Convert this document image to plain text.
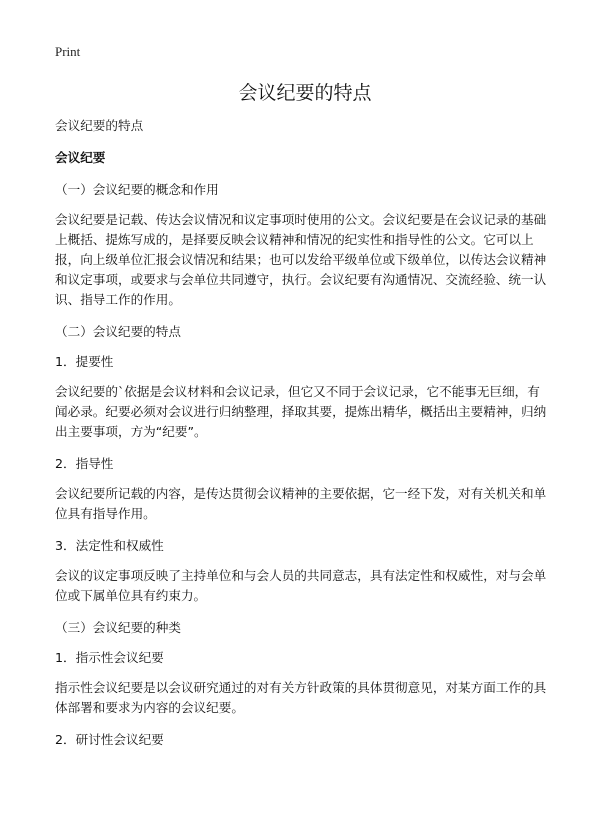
Print
会议纪要的特点

会议纪要的特点

会议纪要

（一）会议纪要的概念和作用

会议纪要是记载、传达会议情况和议定事项时使用的公文。会议纪要是在会议记录的基础上概括、提炼写成的，是择要反映会议精神和情况的纪实性和指导性的公文。它可以上报，向上级单位汇报会议情况和结果；也可以发给平级单位或下级单位，以传达会议精神和议定事项，或要求与会单位共同遵守，执行。会议纪要有沟通情况、交流经验、统一认识、指导工作的作用。

（二）会议纪要的特点

1．提要性

会议纪要的`依据是会议材料和会议记录，但它又不同于会议记录，它不能事无巨细，有闻必录。纪要必须对会议进行归纳整理，择取其要，提炼出精华，概括出主要精神，归纳出主要事项，方为“纪要”。

2．指导性

会议纪要所记载的内容，是传达贯彻会议精神的主要依据，它一经下发，对有关机关和单位具有指导作用。

3．法定性和权威性

会议的议定事项反映了主持单位和与会人员的共同意志，具有法定性和权威性，对与会单位或下属单位具有约束力。

（三）会议纪要的种类

1．指示性会议纪要

指示性会议纪要是以会议研究通过的对有关方针政策的具体贯彻意见，对某方面工作的具体部署和要求为内容的会议纪要。

2．研讨性会议纪要
